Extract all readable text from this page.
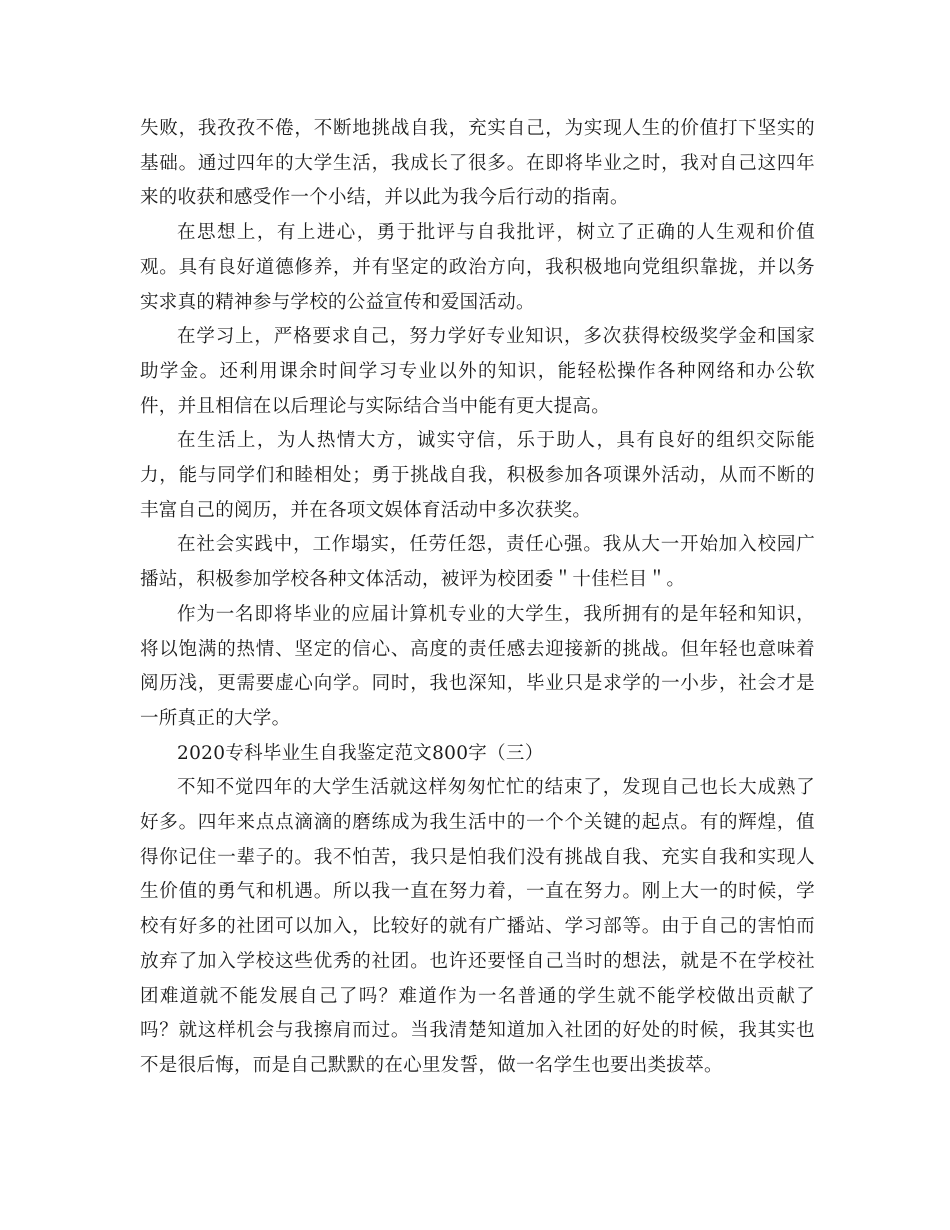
失败，我孜孜不倦，不断地挑战自我，充实自己，为实现人生的价值打下坚实的基础。通过四年的大学生活，我成长了很多。在即将毕业之时，我对自己这四年来的收获和感受作一个小结，并以此为我今后行动的指南。

在思想上，有上进心，勇于批评与自我批评，树立了正确的人生观和价值观。具有良好道德修养，并有坚定的政治方向，我积极地向党组织靠拢，并以务实求真的精神参与学校的公益宣传和爱国活动。

在学习上，严格要求自己，努力学好专业知识，多次获得校级奖学金和国家助学金。还利用课余时间学习专业以外的知识，能轻松操作各种网络和办公软件，并且相信在以后理论与实际结合当中能有更大提高。

在生活上，为人热情大方，诚实守信，乐于助人，具有良好的组织交际能力，能与同学们和睦相处；勇于挑战自我，积极参加各项课外活动，从而不断的丰富自己的阅历，并在各项文娱体育活动中多次获奖。

在社会实践中，工作塌实，任劳任怨，责任心强。我从大一开始加入校园广播站，积极参加学校各种文体活动，被评为校团委＂十佳栏目＂。

作为一名即将毕业的应届计算机专业的大学生，我所拥有的是年轻和知识，将以饱满的热情、坚定的信心、高度的责任感去迎接新的挑战。但年轻也意味着阅历浅，更需要虚心向学。同时，我也深知，毕业只是求学的一小步，社会才是一所真正的大学。

2020专科毕业生自我鉴定范文800字（三）

不知不觉四年的大学生活就这样匆匆忙忙的结束了，发现自己也长大成熟了好多。四年来点点滴滴的磨练成为我生活中的一个个关键的起点。有的辉煌，值得你记住一辈子的。我不怕苦，我只是怕我们没有挑战自我、充实自我和实现人生价值的勇气和机遇。所以我一直在努力着，一直在努力。刚上大一的时候，学校有好多的社团可以加入，比较好的就有广播站、学习部等。由于自己的害怕而放弃了加入学校这些优秀的社团。也许还要怪自己当时的想法，就是不在学校社团难道就不能发展自己了吗？难道作为一名普通的学生就不能学校做出贡献了吗？就这样机会与我擦肩而过。当我清楚知道加入社团的好处的时候，我其实也不是很后悔，而是自己默默的在心里发誓，做一名学生也要出类拔萃。
